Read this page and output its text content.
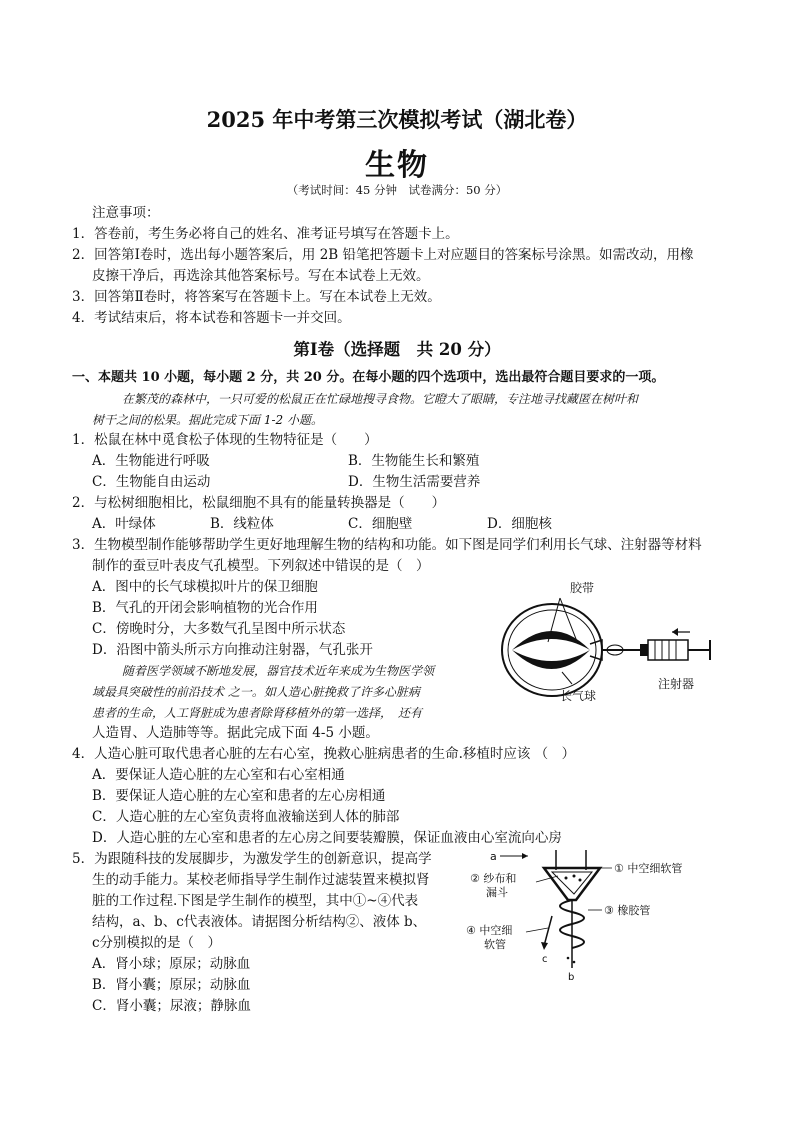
2025 年中考第三次模拟考试（湖北卷）
生物
（考试时间：45 分钟　试卷满分：50 分）
注意事项：
1．答卷前，考生务必将自己的姓名、准考证号填写在答题卡上。
2．回答第Ⅰ卷时，选出每小题答案后，用 2B 铅笔把答题卡上对应题目的答案标号涂黑。如需改动，用橡
皮擦干净后，再选涂其他答案标号。写在本试卷上无效。
3．回答第Ⅱ卷时，将答案写在答题卡上。写在本试卷上无效。
4．考试结束后，将本试卷和答题卡一并交回。
第Ⅰ卷（选择题　共 20 分）
一、本题共 10 小题，每小题 2 分，共 20 分。在每小题的四个选项中，选出最符合题目要求的一项。
在繁茂的森林中，一只可爱的松鼠正在忙碌地搜寻食物。它瞪大了眼睛，专注地寻找藏匿在树叶和
树干之间的松果。据此完成下面 1-2 小题。
1．松鼠在林中觅食松子体现的生物特征是（　　）
A．生物能进行呼吸	B．生物能生长和繁殖
C．生物能自由运动	D．生物生活需要营养
2．与松树细胞相比，松鼠细胞不具有的能量转换器是（　　）
A．叶绿体	B．线粒体	C．细胞壁	D．细胞核
3．生物模型制作能够帮助学生更好地理解生物的结构和功能。如下图是同学们利用长气球、注射器等材料
制作的蚕豆叶表皮气孔模型。下列叙述中错误的是（　）
A．图中的长气球模拟叶片的保卫细胞
B．气孔的开闭会影响植物的光合作用
C．傍晚时分，大多数气孔呈图中所示状态
D．沿图中箭头所示方向推动注射器，气孔张开
胶带
长气球
注射器
随着医学领域不断地发展，器官技术近年来成为生物医学领
域最具突破性的前沿技术 之一。如人造心脏挽救了许多心脏病
患者的生命，人工肾脏成为患者除肾移植外的第一选择，　还有
人造胃、人造肺等等。据此完成下面 4-5 小题。
4．人造心脏可取代患者心脏的左右心室，挽救心脏病患者的生命.移植时应该 （　）
A．要保证人造心脏的左心室和右心室相通
B．要保证人造心脏的左心室和患者的左心房相通
C．人造心脏的左心室负责将血液输送到人体的肺部
D．人造心脏的左心室和患者的左心房之间要装瓣膜，保证血液由心室流向心房
5．为跟随科技的发展脚步，为激发学生的创新意识，提高学
生的动手能力。某校老师指导学生制作过滤装置来模拟肾
脏的工作过程.下图是学生制作的模型，其中①~④代表
结构，a、b、c代表液体。请据图分析结构②、液体 b、
c分别模拟的是（　）
A．肾小球；原尿；动脉血
B．肾小囊；原尿；动脉血
C．肾小囊；尿液；静脉血
a
c
b
① 中空细软管
② 纱布和
漏斗
③ 橡胶管
④ 中空细
软管
